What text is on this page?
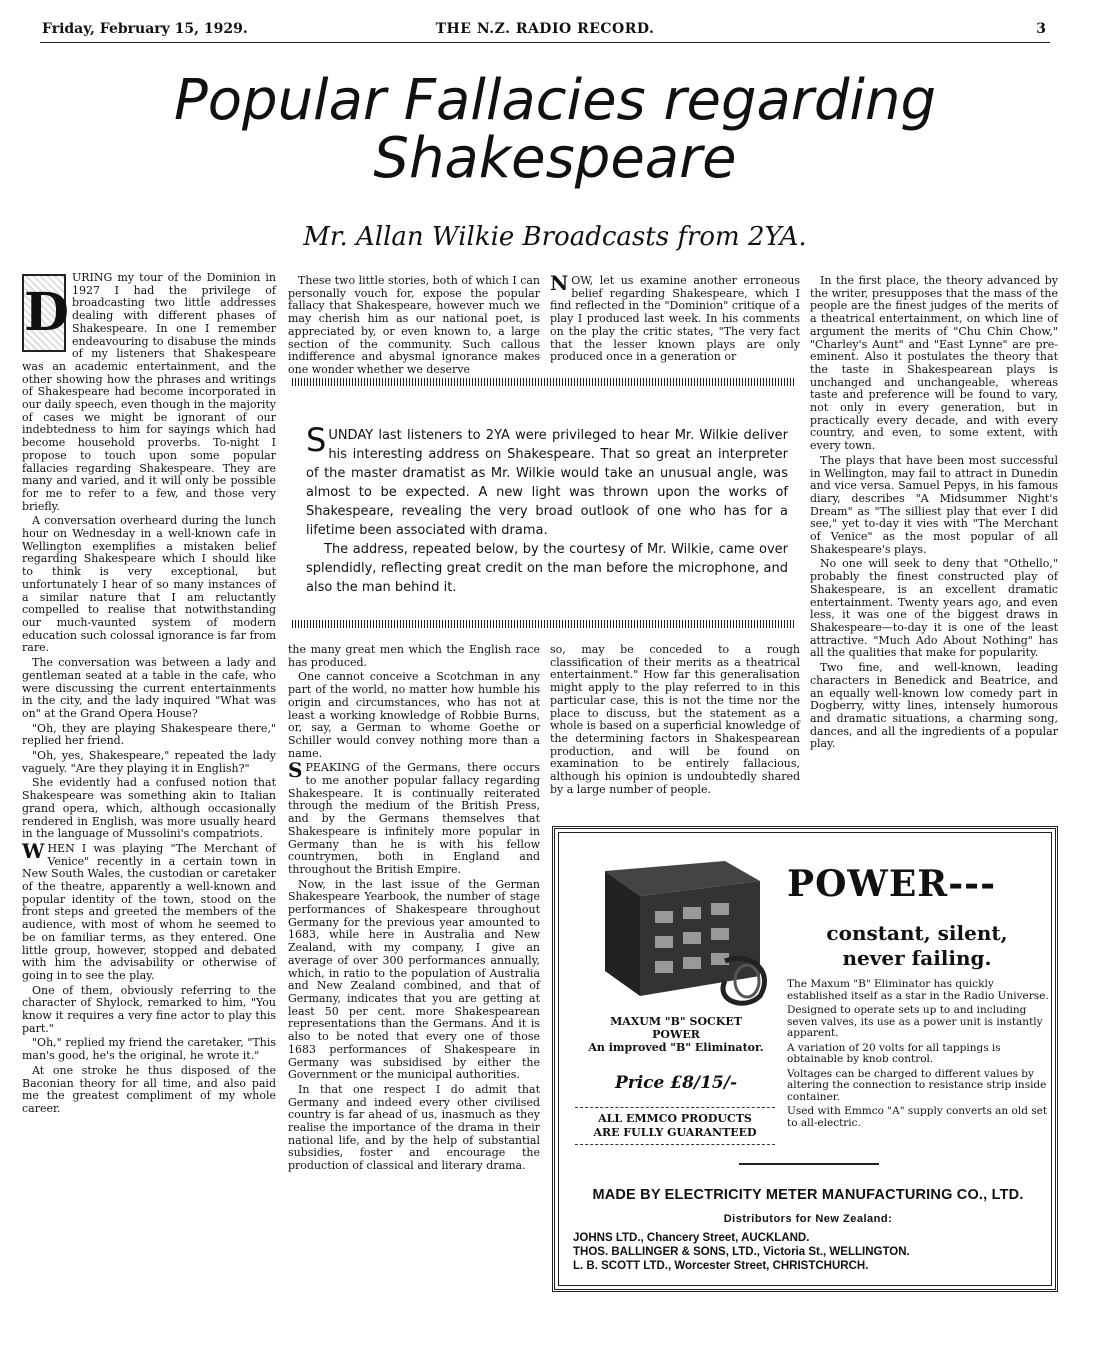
Friday, February 15, 1929.	THE N.Z. RADIO RECORD.	3
Popular Fallacies regarding
Shakespeare
Mr. Allan Wilkie Broadcasts from 2YA.

D
URING my tour of the Dominion in 1927 I had the privilege of broadcasting two little addresses dealing with different phases of Shakespeare. In one I remember endeavouring to disabuse the minds of my listeners that Shakespeare was an academic entertainment, and the other showing how the phrases and writings of Shakespeare had become incorporated in our daily speech, even though in the majority of cases we might be ignorant of our indebtedness to him for sayings which had become household proverbs. To-night I propose to touch upon some popular fallacies regarding Shakespeare. They are many and varied, and it will only be possible for me to refer to a few, and those very briefly.

A conversation overheard during the lunch hour on Wednesday in a well-known cafe in Wellington exemplifies a mistaken belief regarding Shakespeare which I should like to think is very exceptional, but unfortunately I hear of so many instances of a similar nature that I am reluctantly compelled to realise that notwithstanding our much-vaunted system of modern education such colossal ignorance is far from rare.

The conversation was between a lady and gentleman seated at a table in the cafe, who were discussing the current entertainments in the city, and the lady inquired "What was on" at the Grand Opera House?

"Oh, they are playing Shakespeare there," replied her friend.

"Oh, yes, Shakespeare," repeated the lady vaguely. "Are they playing it in English?"

She evidently had a confused notion that Shakespeare was something akin to Italian grand opera, which, although occasionally rendered in English, was more usually heard in the language of Mussolini's compatriots.

WHEN I was playing "The Merchant of Venice" recently in a certain town in New South Wales, the custodian or caretaker of the theatre, apparently a well-known and popular identity of the town, stood on the front steps and greeted the members of the audience, with most of whom he seemed to be on familiar terms, as they entered. One little group, however, stopped and debated with him the advisability or otherwise of going in to see the play.

One of them, obviously referring to the character of Shylock, remarked to him, "You know it requires a very fine actor to play this part."

"Oh," replied my friend the caretaker, "This man's good, he's the original, he wrote it."

At one stroke he thus disposed of the Baconian theory for all time, and also paid me the greatest compliment of my whole career.

These two little stories, both of which I can personally vouch for, expose the popular fallacy that Shakespeare, however much we may cherish him as our national poet, is appreciated by, or even known to, a large section of the community. Such callous indifference and abysmal ignorance makes one wonder whether we deserve

NOW, let us examine another erroneous belief regarding Shakespeare, which I find reflected in the "Dominion" critique of a play I produced last week. In his comments on the play the critic states, "The very fact that the lesser known plays are only produced once in a generation or

SUNDAY last listeners to 2YA were privileged to hear Mr. Wilkie deliver his interesting address on Shakespeare. That so great an interpreter of the master dramatist as Mr. Wilkie would take an unusual angle, was almost to be expected. A new light was thrown upon the works of Shakespeare, revealing the very broad outlook of one who has for a lifetime been associated with drama.

The address, repeated below, by the courtesy of Mr. Wilkie, came over splendidly, reflecting great credit on the man before the microphone, and also the man behind it.

the many great men which the English race has produced.

One cannot conceive a Scotchman in any part of the world, no matter how humble his origin and circumstances, who has not at least a working knowledge of Robbie Burns, or, say, a German to whome Goethe or Schiller would convey nothing more than a name.

SPEAKING of the Germans, there occurs to me another popular fallacy regarding Shakespeare. It is continually reiterated through the medium of the British Press, and by the Germans themselves that Shakespeare is infinitely more popular in Germany than he is with his fellow countrymen, both in England and throughout the British Empire.

Now, in the last issue of the German Shakespeare Yearbook, the number of stage performances of Shakespeare throughout Germany for the previous year amounted to 1683, while here in Australia and New Zealand, with my company, I give an average of over 300 performances annually, which, in ratio to the population of Australia and New Zealand combined, and that of Germany, indicates that you are getting at least 50 per cent. more Shakespearean representations than the Germans. And it is also to be noted that every one of those 1683 performances of Shakespeare in Germany was subsidised by either the Government or the municipal authorities.

In that one respect I do admit that Germany and indeed every other civilised country is far ahead of us, inasmuch as they realise the importance of the drama in their national life, and by the help of substantial subsidies, foster and encourage the production of classical and literary drama.

so, may be conceded to a rough classification of their merits as a theatrical entertainment." How far this generalisation might apply to the play referred to in this particular case, this is not the time nor the place to discuss, but the statement as a whole is based on a superficial knowledge of the determining factors in Shakespearean production, and will be found on examination to be entirely fallacious, although his opinion is undoubtedly shared by a large number of people.

In the first place, the theory advanced by the writer, presupposes that the mass of the people are the finest judges of the merits of a theatrical entertainment, on which line of argument the merits of "Chu Chin Chow," "Charley's Aunt" and "East Lynne" are pre-eminent. Also it postulates the theory that the taste in Shakespearean plays is unchanged and unchangeable, whereas taste and preference will be found to vary, not only in every generation, but in practically every decade, and with every country, and even, to some extent, with every town.

The plays that have been most successful in Wellington, may fail to attract in Dunedin and vice versa. Samuel Pepys, in his famous diary, describes "A Midsummer Night's Dream" as "The silliest play that ever I did see," yet to-day it vies with "The Merchant of Venice" as the most popular of all Shakespeare's plays.

No one will seek to deny that "Othello," probably the finest constructed play of Shakespeare, is an excellent dramatic entertainment. Twenty years ago, and even less, it was one of the biggest draws in Shakespeare—to-day it is one of the least attractive. "Much Ado About Nothing" has all the qualities that make for popularity.

Two fine, and well-known, leading characters in Benedick and Beatrice, and an equally well-known low comedy part in Dogberry, witty lines, intensely humorous and dramatic situations, a charming song, dances, and all the ingredients of a popular play.

POWER---
constant, silent,
never failing.

The Maxum "B" Eliminator has quickly established itself as a star in the Radio Universe.

Designed to operate sets up to and including seven valves, its use as a power unit is instantly apparent.

A variation of 20 volts for all tappings is obtainable by knob control.

Voltages can be charged to different values by altering the connection to resistance strip inside container.

Used with Emmco "A" supply converts an old set to all-electric.

MAXUM "B" SOCKET
POWER
An improved "B" Eliminator.
Price £8/15/-
ALL EMMCO PRODUCTS
ARE FULLY GUARANTEED
MADE BY ELECTRICITY METER MANUFACTURING CO., LTD.
Distributors for New Zealand:
JOHNS LTD., Chancery Street, AUCKLAND.
THOS. BALLINGER & SONS, LTD., Victoria St., WELLINGTON.
L. B. SCOTT LTD., Worcester Street, CHRISTCHURCH.
